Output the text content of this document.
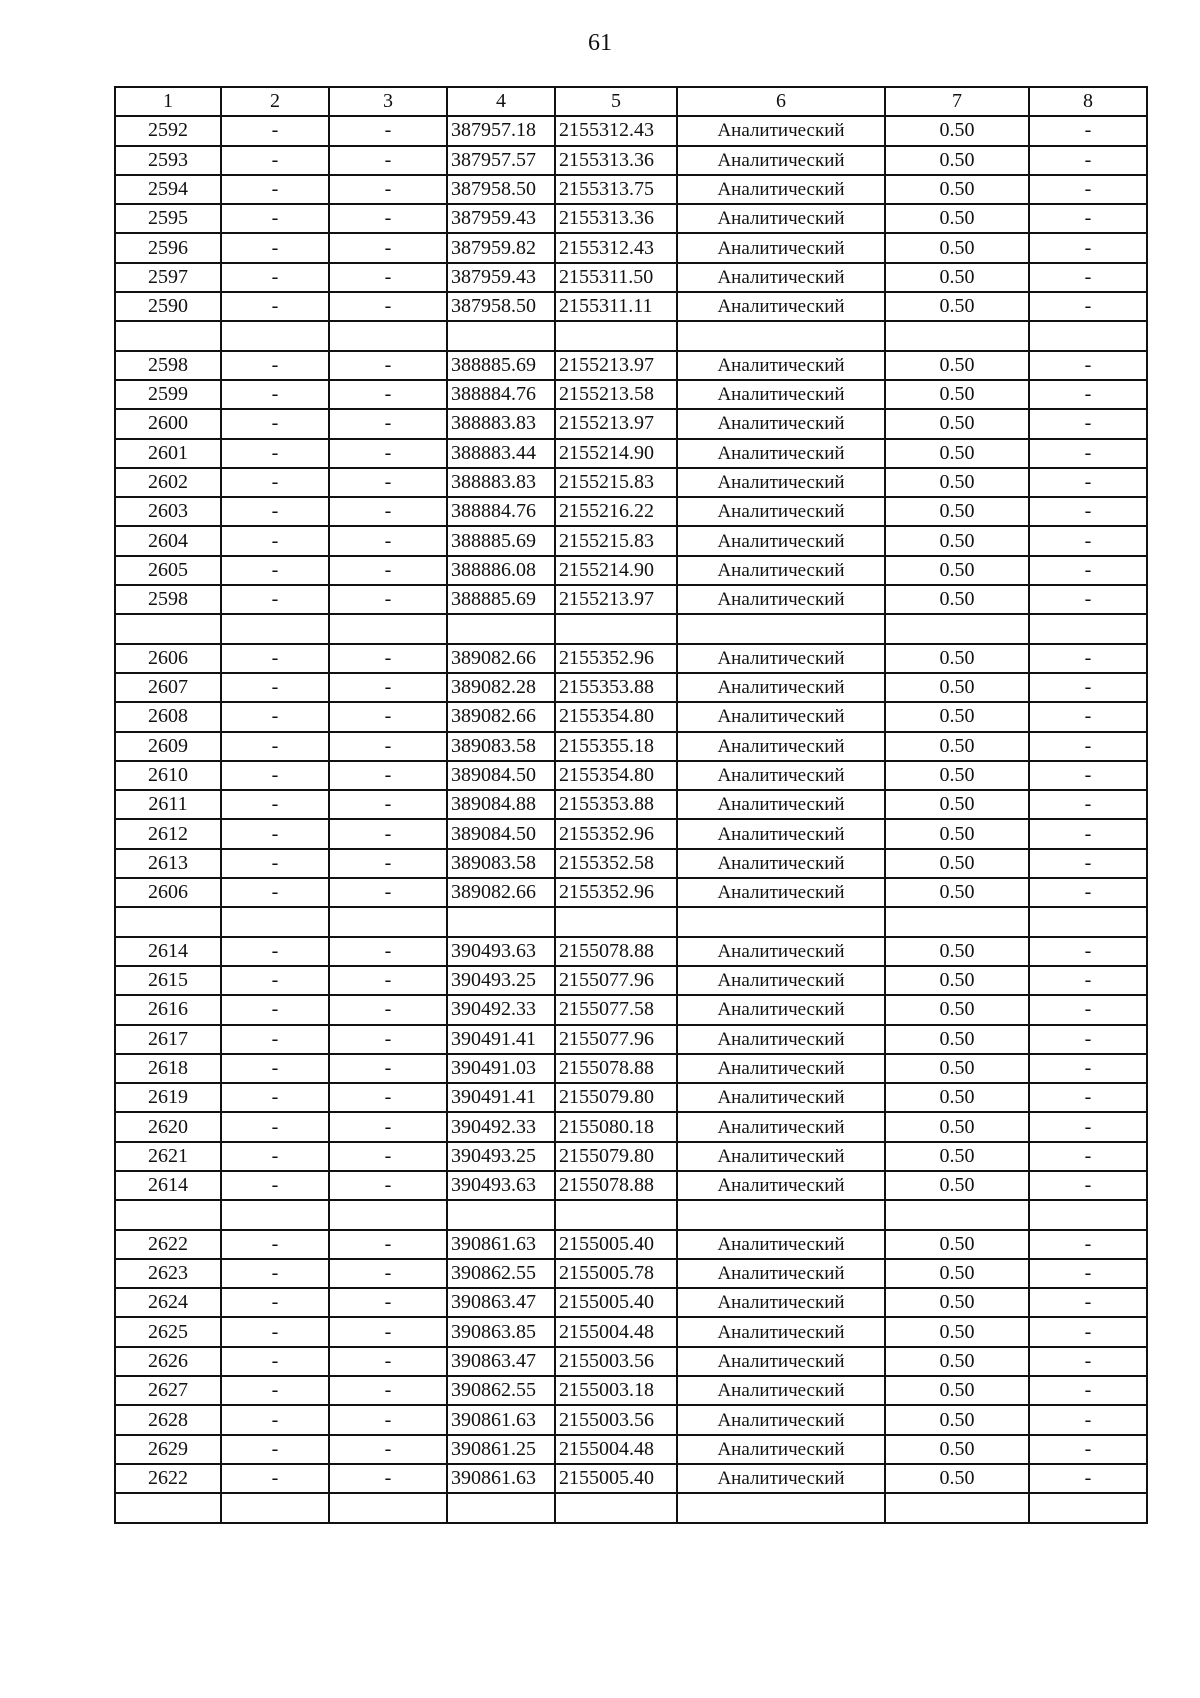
61
1	2	3	4	5	6	7	8
2592	-	-	387957.18	2155312.43	Аналитический	0.50	-
2593	-	-	387957.57	2155313.36	Аналитический	0.50	-
2594	-	-	387958.50	2155313.75	Аналитический	0.50	-
2595	-	-	387959.43	2155313.36	Аналитический	0.50	-
2596	-	-	387959.82	2155312.43	Аналитический	0.50	-
2597	-	-	387959.43	2155311.50	Аналитический	0.50	-
2590	-	-	387958.50	2155311.11	Аналитический	0.50	-

2598	-	-	388885.69	2155213.97	Аналитический	0.50	-
2599	-	-	388884.76	2155213.58	Аналитический	0.50	-
2600	-	-	388883.83	2155213.97	Аналитический	0.50	-
2601	-	-	388883.44	2155214.90	Аналитический	0.50	-
2602	-	-	388883.83	2155215.83	Аналитический	0.50	-
2603	-	-	388884.76	2155216.22	Аналитический	0.50	-
2604	-	-	388885.69	2155215.83	Аналитический	0.50	-
2605	-	-	388886.08	2155214.90	Аналитический	0.50	-
2598	-	-	388885.69	2155213.97	Аналитический	0.50	-

2606	-	-	389082.66	2155352.96	Аналитический	0.50	-
2607	-	-	389082.28	2155353.88	Аналитический	0.50	-
2608	-	-	389082.66	2155354.80	Аналитический	0.50	-
2609	-	-	389083.58	2155355.18	Аналитический	0.50	-
2610	-	-	389084.50	2155354.80	Аналитический	0.50	-
2611	-	-	389084.88	2155353.88	Аналитический	0.50	-
2612	-	-	389084.50	2155352.96	Аналитический	0.50	-
2613	-	-	389083.58	2155352.58	Аналитический	0.50	-
2606	-	-	389082.66	2155352.96	Аналитический	0.50	-

2614	-	-	390493.63	2155078.88	Аналитический	0.50	-
2615	-	-	390493.25	2155077.96	Аналитический	0.50	-
2616	-	-	390492.33	2155077.58	Аналитический	0.50	-
2617	-	-	390491.41	2155077.96	Аналитический	0.50	-
2618	-	-	390491.03	2155078.88	Аналитический	0.50	-
2619	-	-	390491.41	2155079.80	Аналитический	0.50	-
2620	-	-	390492.33	2155080.18	Аналитический	0.50	-
2621	-	-	390493.25	2155079.80	Аналитический	0.50	-
2614	-	-	390493.63	2155078.88	Аналитический	0.50	-

2622	-	-	390861.63	2155005.40	Аналитический	0.50	-
2623	-	-	390862.55	2155005.78	Аналитический	0.50	-
2624	-	-	390863.47	2155005.40	Аналитический	0.50	-
2625	-	-	390863.85	2155004.48	Аналитический	0.50	-
2626	-	-	390863.47	2155003.56	Аналитический	0.50	-
2627	-	-	390862.55	2155003.18	Аналитический	0.50	-
2628	-	-	390861.63	2155003.56	Аналитический	0.50	-
2629	-	-	390861.25	2155004.48	Аналитический	0.50	-
2622	-	-	390861.63	2155005.40	Аналитический	0.50	-
